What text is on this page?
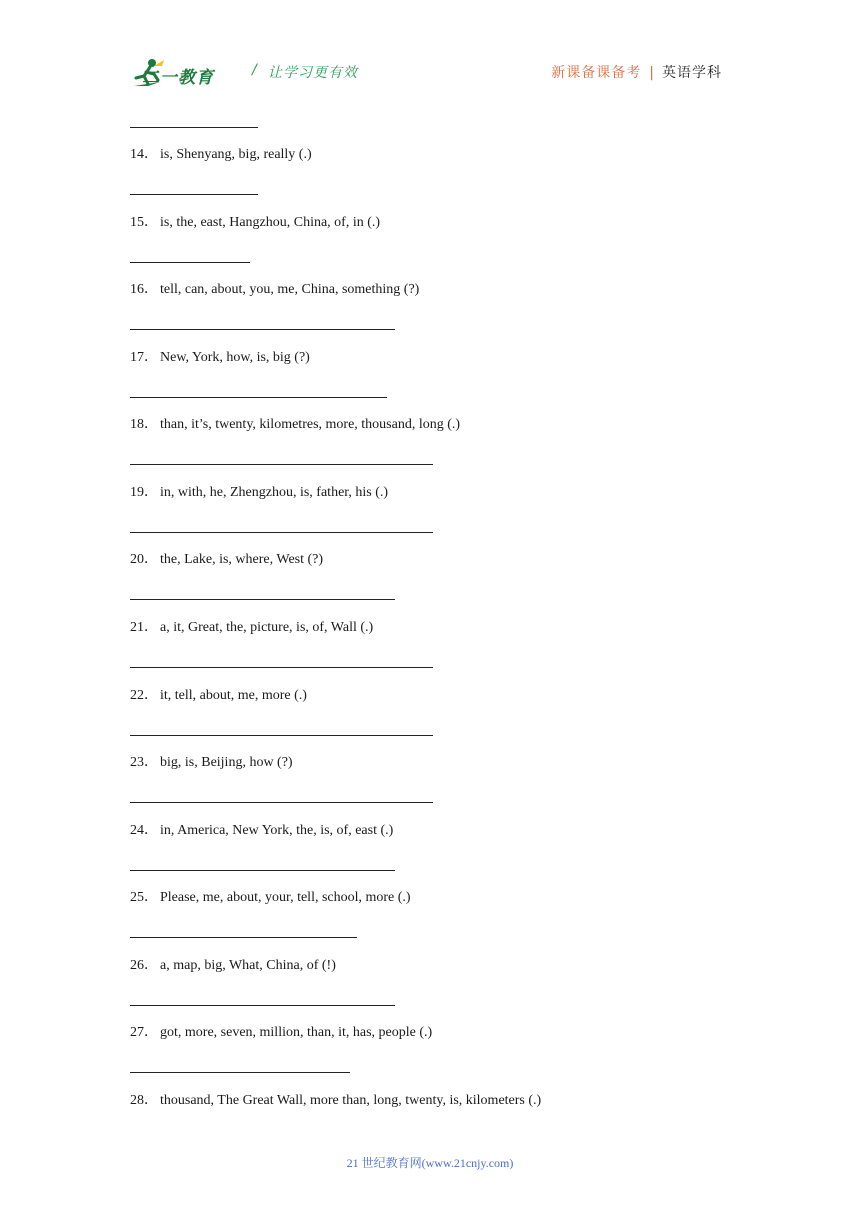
二一教育	/ 让学习更有效	新课备课备考 | 英语学科
14． is, Shenyang, big, really (.)
15． is, the, east, Hangzhou, China, of, in (.)
16． tell, can, about, you, me, China, something (?)
17． New, York, how, is, big (?)
18． than, it’s, twenty, kilometres, more, thousand, long (.)
19． in, with, he, Zhengzhou, is, father, his (.)
20． the, Lake, is, where, West (?)
21． a, it, Great, the, picture, is, of, Wall (.)
22． it, tell, about, me, more (.)
23． big, is, Beijing, how (?)
24． in, America, New York, the, is, of, east (.)
25． Please, me, about, your, tell, school, more (.)
26． a, map, big, What, China, of (!)
27． got, more, seven, million, than, it, has, people (.)
28． thousand, The Great Wall, more than, long, twenty, is, kilometers (.)
21 世纪教育网(www.21cnjy.com)
